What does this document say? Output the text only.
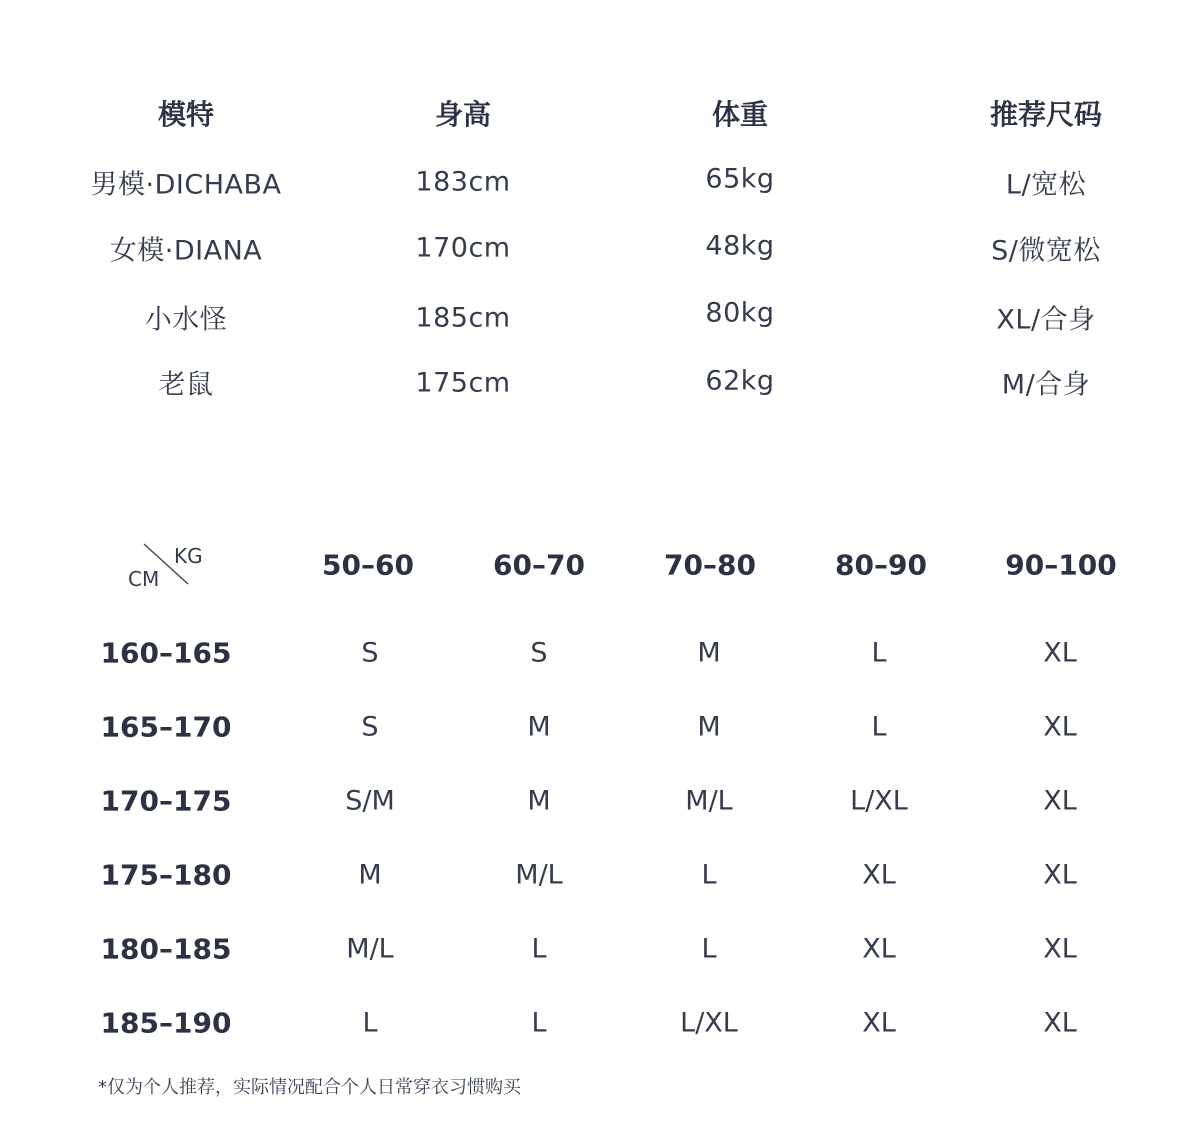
模特	身高	体重	推荐尺码
男模·DICHABA	183cm	65kg	L/宽松
女模·DIANA	170cm	48kg	S/微宽松
小水怪	185cm	80kg	XL/合身
老鼠	175cm	62kg	M/合身
KG
CM	50–60	60–70	70–80	80–90	90–100
160–165	S	S	M	L	XL
165–170	S	M	M	L	XL
170–175	S/M	M	M/L	L/XL	XL
175–180	M	M/L	L	XL	XL
180–185	M/L	L	L	XL	XL
185–190	L	L	L/XL	XL	XL
*仅为个人推荐，实际情况配合个人日常穿衣习惯购买
